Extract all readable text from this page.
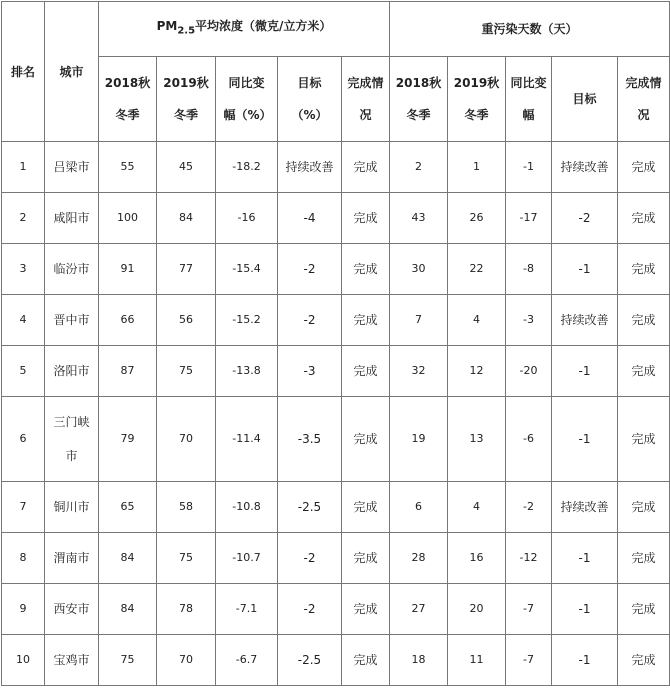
排名	城市	$PM_{2.5}$平均浓度（微克/立方米）					重污染天数（天）				
		2018秋冬季	2019秋冬季	同比变幅（%）	目标（%）	完成情况	2018秋冬季	2019秋冬季	同比变幅	目标	完成情况
1	吕梁市	55	45	-18.2	持续改善	完成	2	1	-1	持续改善	完成
2	咸阳市	100	84	-16	-4	完成	43	26	-17	-2	完成
3	临汾市	91	77	-15.4	-2	完成	30	22	-8	-1	完成
4	晋中市	66	56	-15.2	-2	完成	7	4	-3	持续改善	完成
5	洛阳市	87	75	-13.8	-3	完成	32	12	-20	-1	完成
6	三门峡市	79	70	-11.4	-3.5	完成	19	13	-6	-1	完成
7	铜川市	65	58	-10.8	-2.5	完成	6	4	-2	持续改善	完成
8	渭南市	84	75	-10.7	-2	完成	28	16	-12	-1	完成
9	西安市	84	78	-7.1	-2	完成	27	20	-7	-1	完成
10	宝鸡市	75	70	-6.7	-2.5	完成	18	11	-7	-1	完成
